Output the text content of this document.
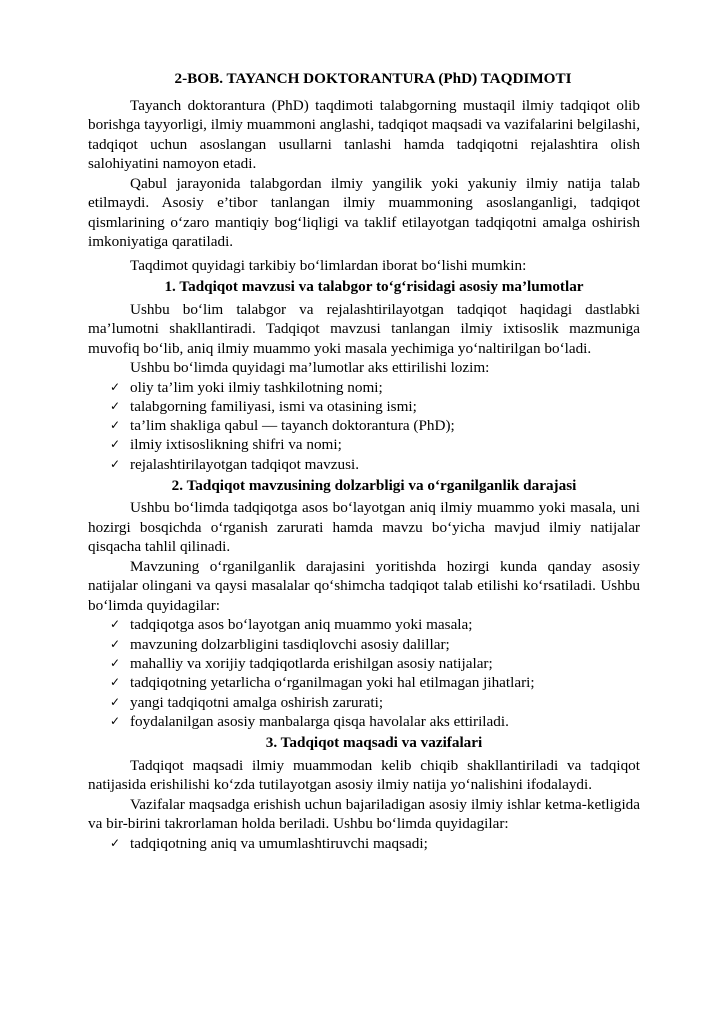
2-BOB. TAYANCH DOKTORANTURA (PhD) TAQDIMOTI

Tayanch doktorantura (PhD) taqdimoti talabgorning mustaqil ilmiy tadqiqot olib borishga tayyorligi, ilmiy muammoni anglashi, tadqiqot maqsadi va vazifalarini belgilashi, tadqiqot uchun asoslangan usullarni tanlashi hamda tadqiqotni rejalashtira olish salohiyatini namoyon etadi.

Qabul jarayonida talabgordan ilmiy yangilik yoki yakuniy ilmiy natija talab etilmaydi. Asosiy e’tibor tanlangan ilmiy muammoning asoslanganligi, tadqiqot qismlarining o‘zaro mantiqiy bog‘liqligi va taklif etilayotgan tadqiqotni amalga oshirish imkoniyatiga qaratiladi.

Taqdimot quyidagi tarkibiy bo‘limlardan iborat bo‘lishi mumkin:

1. Tadqiqot mavzusi va talabgor to‘g‘risidagi asosiy ma’lumotlar

Ushbu bo‘lim talabgor va rejalashtirilayotgan tadqiqot haqidagi dastlabki ma’lumotni shakllantiradi. Tadqiqot mavzusi tanlangan ilmiy ixtisoslik mazmuniga muvofiq bo‘lib, aniq ilmiy muammo yoki masala yechimiga yo‘naltirilgan bo‘ladi.

Ushbu bo‘limda quyidagi ma’lumotlar aks ettirilishi lozim:

✓ oliy ta’lim yoki ilmiy tashkilotning nomi;
✓ talabgorning familiyasi, ismi va otasining ismi;
✓ ta’lim shakliga qabul — tayanch doktorantura (PhD);
✓ ilmiy ixtisoslikning shifri va nomi;
✓ rejalashtirilayotgan tadqiqot mavzusi.
2. Tadqiqot mavzusining dolzarbligi va o‘rganilganlik darajasi

Ushbu bo‘limda tadqiqotga asos bo‘layotgan aniq ilmiy muammo yoki masala, uni hozirgi bosqichda o‘rganish zarurati hamda mavzu bo‘yicha mavjud ilmiy natijalar qisqacha tahlil qilinadi.

Mavzuning o‘rganilganlik darajasini yoritishda hozirgi kunda qanday asosiy natijalar olingani va qaysi masalalar qo‘shimcha tadqiqot talab etilishi ko‘rsatiladi. Ushbu bo‘limda quyidagilar:

✓ tadqiqotga asos bo‘layotgan aniq muammo yoki masala;
✓ mavzuning dolzarbligini tasdiqlovchi asosiy dalillar;
✓ mahalliy va xorijiy tadqiqotlarda erishilgan asosiy natijalar;
✓ tadqiqotning yetarlicha o‘rganilmagan yoki hal etilmagan jihatlari;
✓ yangi tadqiqotni amalga oshirish zarurati;
✓ foydalanilgan asosiy manbalarga qisqa havolalar aks ettiriladi.
3. Tadqiqot maqsadi va vazifalari

Tadqiqot maqsadi ilmiy muammodan kelib chiqib shakllantiriladi va tadqiqot natijasida erishilishi ko‘zda tutilayotgan asosiy ilmiy natija yo‘nalishini ifodalaydi.

Vazifalar maqsadga erishish uchun bajariladigan asosiy ilmiy ishlar ketma-ketligida va bir-birini takrorlaman holda beriladi. Ushbu bo‘limda quyidagilar:

✓ tadqiqotning aniq va umumlashtiruvchi maqsadi;
